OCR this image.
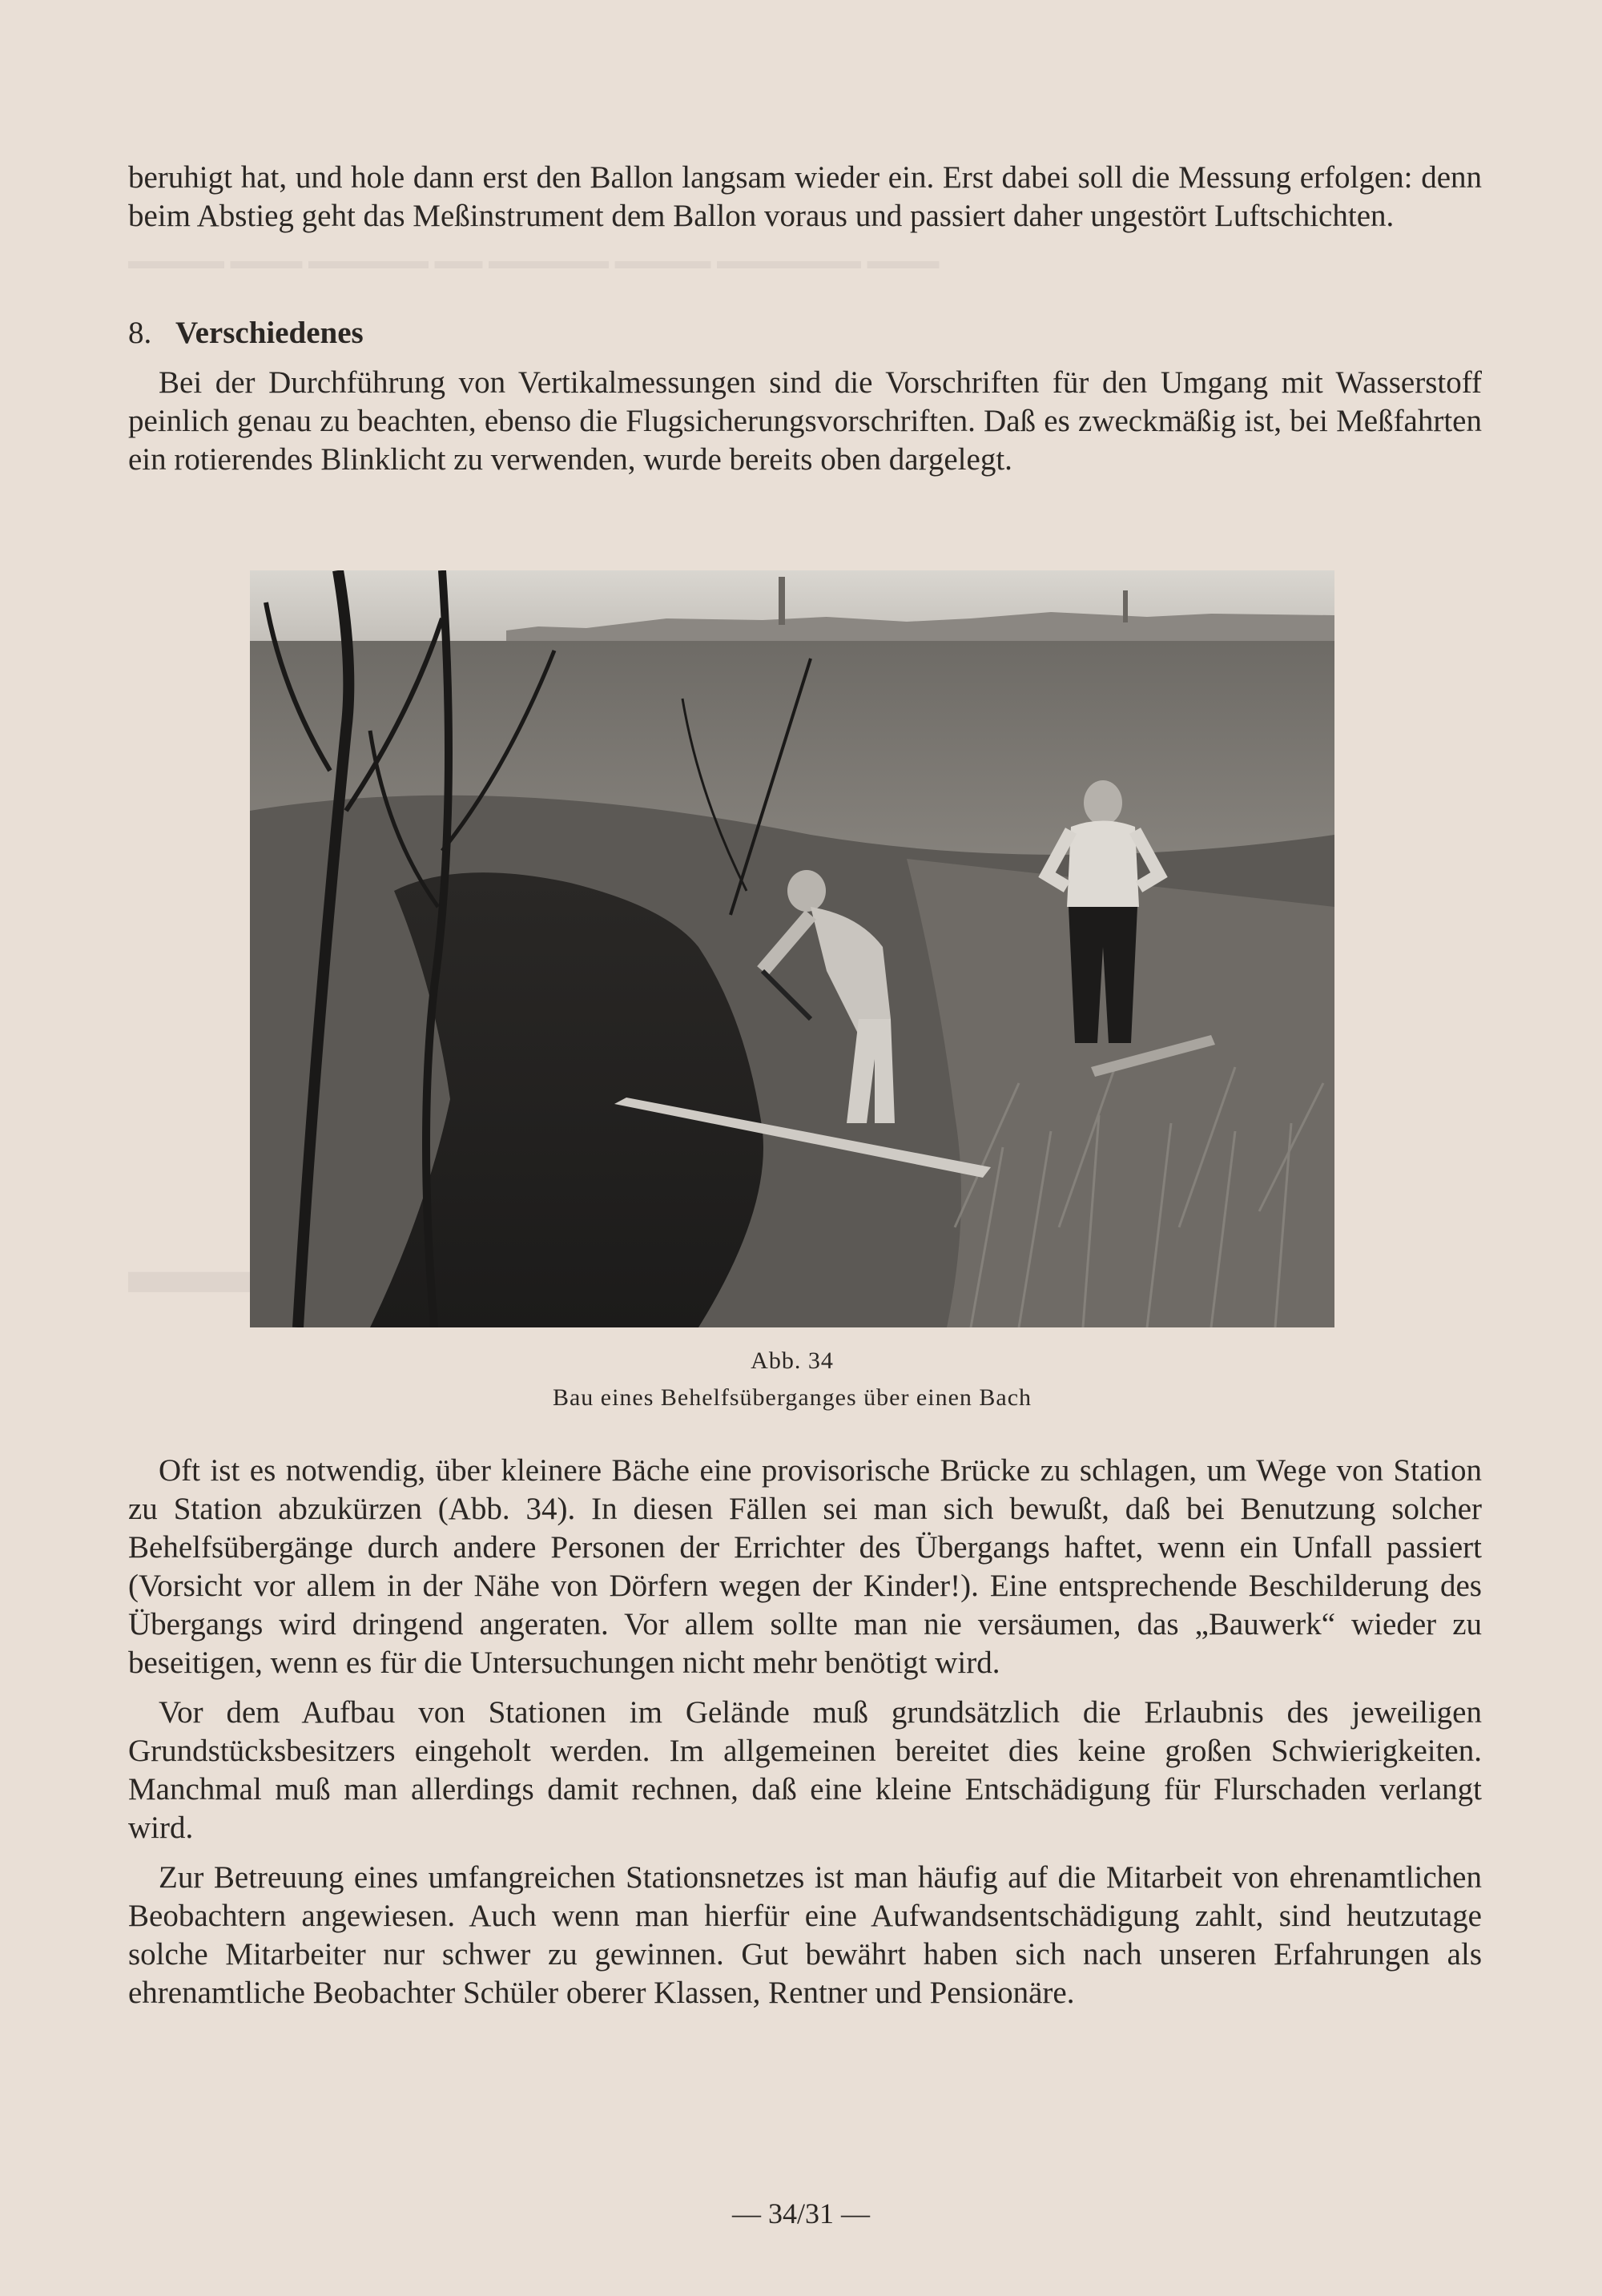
▬▬▬▬ ▬▬▬ ▬▬▬▬▬ ▬▬ ▬▬▬▬▬ ▬▬▬▬ ▬▬▬▬▬▬ ▬▬▬

beruhigt hat, und hole dann erst den Ballon langsam wieder ein. Erst dabei soll die Messung erfolgen: denn beim Abstieg geht das Meßinstrument dem Ballon voraus und passiert daher ungestört Luftschichten.

8. Verschiedenes

Bei der Durchführung von Vertikalmessungen sind die Vorschriften für den Umgang mit Wasserstoff peinlich genau zu beachten, ebenso die Flugsicherungsvorschriften. Daß es zweckmäßig ist, bei Meßfahrten ein rotierendes Blinklicht zu verwenden, wurde bereits oben dargelegt.

Abb. 34
Bau eines Behelfsüberganges über einen Bach

Oft ist es notwendig, über kleinere Bäche eine provisorische Brücke zu schlagen, um Wege von Station zu Station abzukürzen (Abb. 34). In diesen Fällen sei man sich bewußt, daß bei Benutzung solcher Behelfsübergänge durch andere Personen der Errichter des Übergangs haftet, wenn ein Unfall passiert (Vorsicht vor allem in der Nähe von Dörfern wegen der Kinder!). Eine entsprechende Beschilderung des Übergangs wird dringend angeraten. Vor allem sollte man nie versäumen, das „Bauwerk“ wieder zu beseitigen, wenn es für die Untersuchungen nicht mehr benötigt wird.

Vor dem Aufbau von Stationen im Gelände muß grundsätzlich die Erlaubnis des jeweiligen Grundstücksbesitzers eingeholt werden. Im allgemeinen bereitet dies keine großen Schwierigkeiten. Manchmal muß man allerdings damit rechnen, daß eine kleine Entschädigung für Flurschaden verlangt wird.

Zur Betreuung eines umfangreichen Stationsnetzes ist man häufig auf die Mitarbeit von ehrenamtlichen Beobachtern angewiesen. Auch wenn man hierfür eine Aufwandsentschädigung zahlt, sind heutzutage solche Mitarbeiter nur schwer zu gewinnen. Gut bewährt haben sich nach unseren Erfahrungen als ehrenamtliche Beobachter Schüler oberer Klassen, Rentner und Pensionäre.

— 34/31 —
